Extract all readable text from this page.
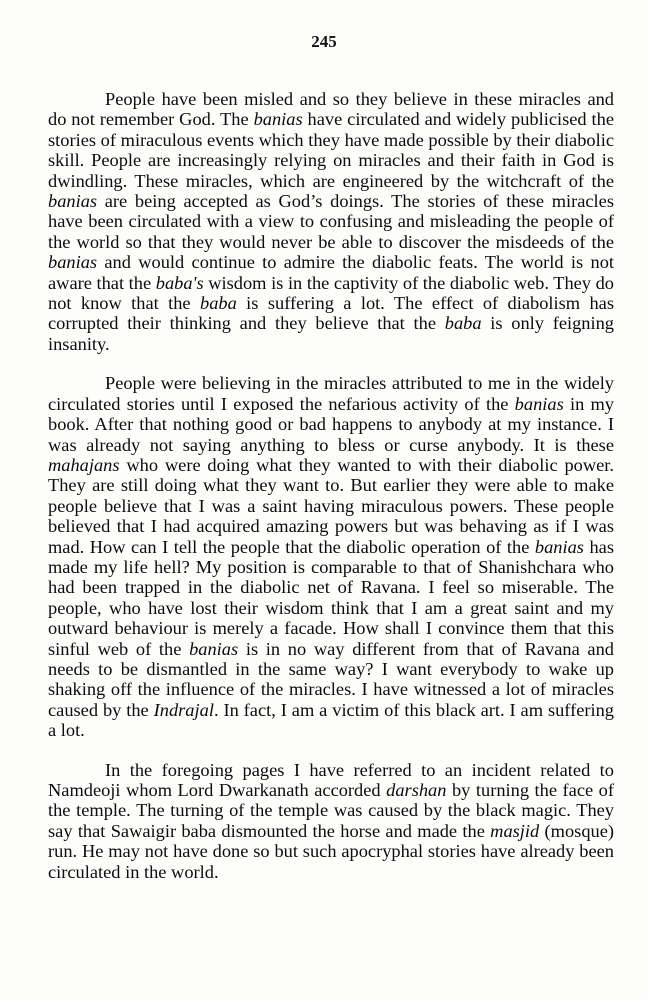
245

People have been misled and so they believe in these miracles and do not remember God. The banias have circulated and widely publicised the stories of miraculous events which they have made possible by their diabolic skill. People are increasingly relying on miracles and their faith in God is dwindling. These miracles, which are engineered by the witchcraft of the banias are being accepted as God’s doings. The stories of these miracles have been circulated with a view to confusing and misleading the people of the world so that they would never be able to discover the misdeeds of the banias and would continue to admire the diabolic feats. The world is not aware that the baba's wisdom is in the captivity of the diabolic web. They do not know that the baba is suffering a lot. The effect of diabolism has corrupted their thinking and they believe that the baba is only feigning insanity.

People were believing in the miracles attributed to me in the widely circulated stories until I exposed the nefarious activity of the banias in my book. After that nothing good or bad happens to anybody at my instance. I was already not saying anything to bless or curse anybody. It is these mahajans who were doing what they wanted to with their diabolic power. They are still doing what they want to. But earlier they were able to make people believe that I was a saint having miraculous powers. These people believed that I had acquired amazing powers but was behaving as if I was mad. How can I tell the people that the diabolic operation of the banias has made my life hell? My position is comparable to that of Shanishchara who had been trapped in the diabolic net of Ravana. I feel so miserable. The people, who have lost their wisdom think that I am a great saint and my outward behaviour is merely a facade. How shall I convince them that this sinful web of the banias is in no way different from that of Ravana and needs to be dismantled in the same way? I want everybody to wake up shaking off the influence of the miracles. I have witnessed a lot of miracles caused by the Indrajal. In fact, I am a victim of this black art. I am suffering a lot.

In the foregoing pages I have referred to an incident related to Namdeoji whom Lord Dwarkanath accorded darshan by turning the face of the temple. The turning of the temple was caused by the black magic. They say that Sawaigir baba dismounted the horse and made the masjid (mosque) run. He may not have done so but such apocryphal stories have already been circulated in the world.
